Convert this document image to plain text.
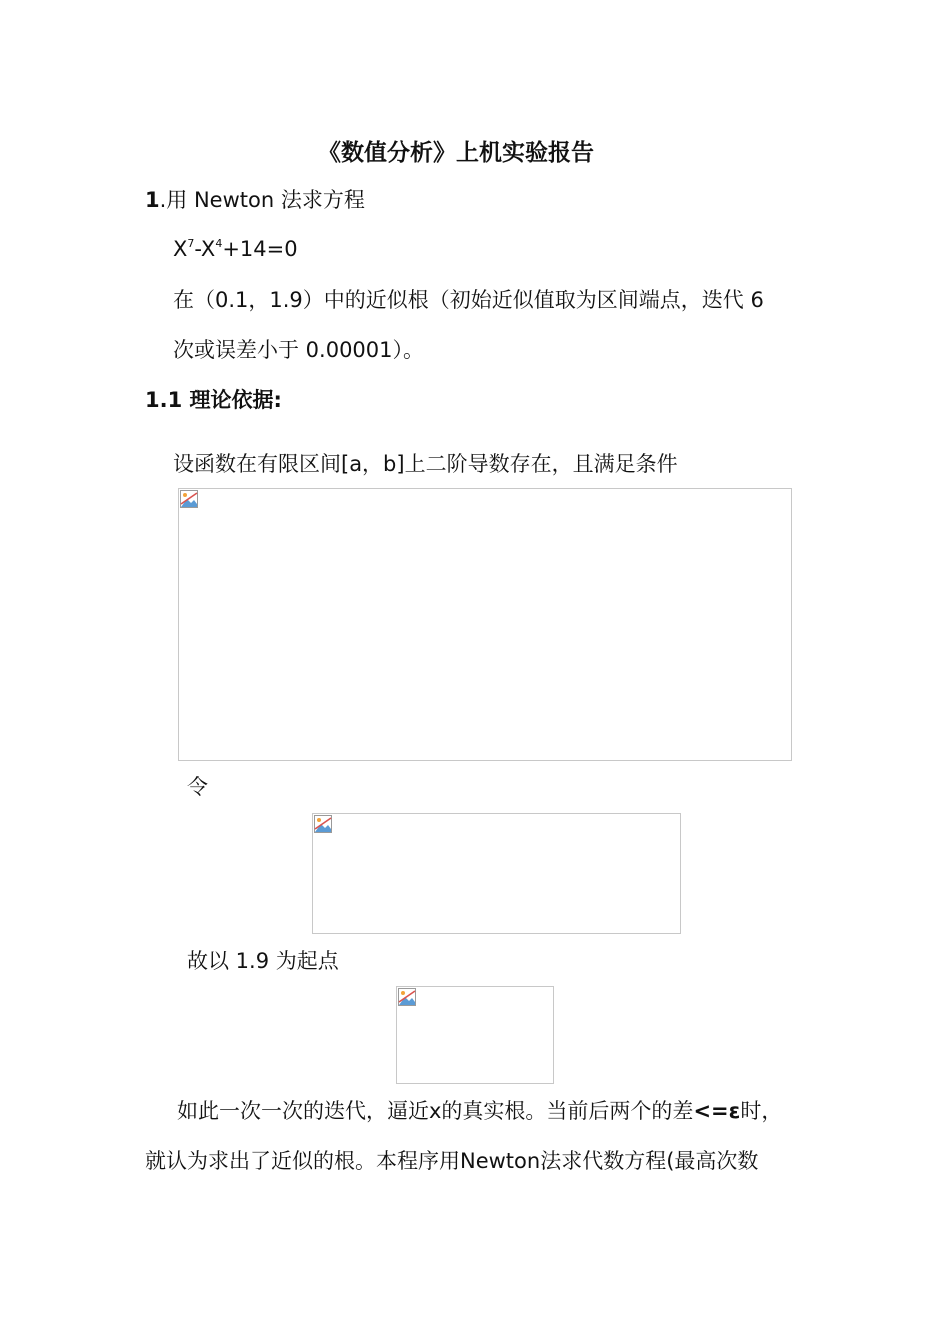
《数值分析》上机实验报告
1.用 Newton 法求方程
$X^7-X^4+14=0$
在（0.1，1.9）中的近似根（初始近似值取为区间端点，迭代 6
次或误差小于 0.00001）。
1.1 理论依据:
设函数在有限区间[a，b]上二阶导数存在，且满足条件
令
故以 1.9 为起点
如此一次一次的迭代，逼近x的真实根。当前后两个的差<=ε时，
就认为求出了近似的根。本程序用Newton法求代数方程(最高次数
